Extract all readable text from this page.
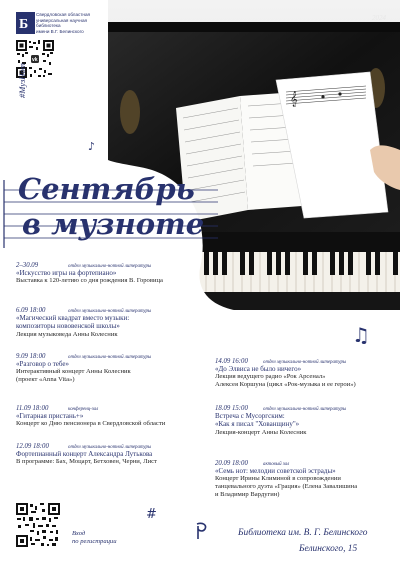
𝄞
2024
Б
Свердловская областная
универсальная научная библиотека
имени В.Г. Белинского
vk
#МузНот
♪
Сентябрь
в музноте
2–30.09	отдел музыкально-нотной литературы
«Искусство игры на фортепиано»
Выставка к 120-летию со дня рождения В. Горовица
6.09 18:00	отдел музыкально-нотной литературы
«Магический квадрат вместо музыки:
композиторы нововенской школы»
Лекция музыковеда Анны Колесник
9.09 18:00	отдел музыкально-нотной литературы
«Разговор о тебе»
Интерактивный концерт Анны Колесник
(проект «Anna Vita»)
11.09 18:00	конференц-зал
«Гитарная пристань+»
Концерт ко Дню пенсионера в Свердловской области
12.09 18:00	отдел музыкально-нотной литературы
Фортепианный концерт Александра Лутькова
В программе: Бах, Моцарт, Бетховен, Черни, Лист
♫
14.09 16:00	отдел музыкально-нотной литературы
«До Элвиса не было ничего»
Лекция ведущего радио «Рок Арсенал»
Алексея Коршуна (цикл «Рок-музыка и ее герои»)
18.09 15:00	отдел музыкально-нотной литературы
Встреча с Мусоргским:
«Как я писал "Хованщину"»
Лекция-концерт Анны Колесник
20.09 18:00	актовый зал
«Семь нот: мелодии советской эстрады»
Концерт Ирины Климиной в сопровождении
танцевального дуэта «Грация» (Елена Завалишина
и Владимир Вардугин)
Вход
по регистрации
#
Библиотека им. В. Г. Белинского
Белинского, 15
